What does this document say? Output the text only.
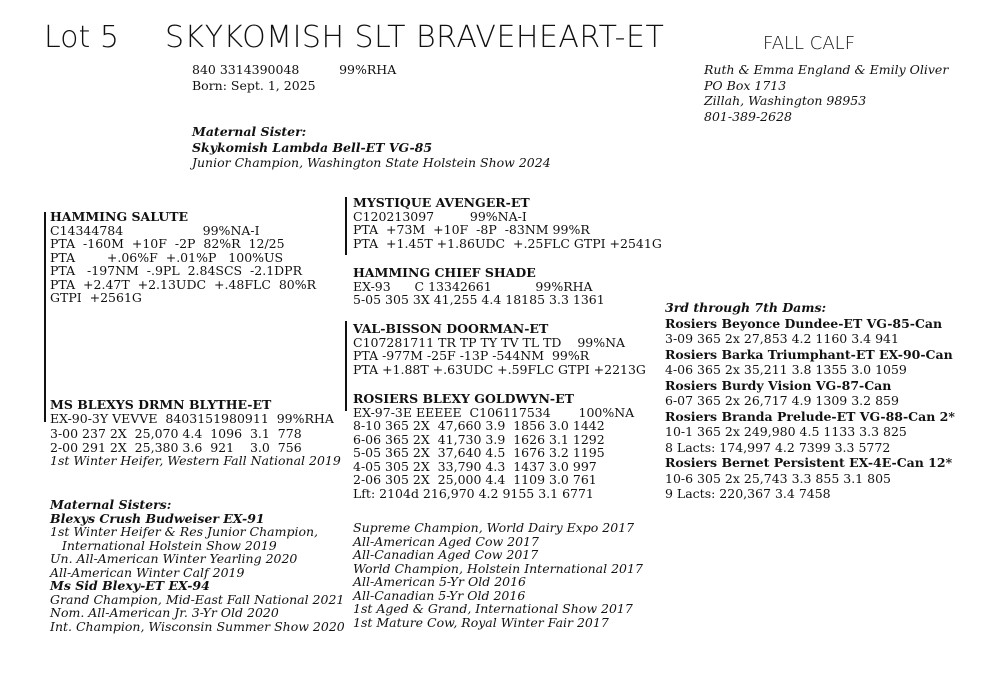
Lot 5 SKYKOMISH SLT BRAVEHEART-ET	FALL CALF
840 3314390048          99%RHA
Born: Sept. 1, 2025
Ruth & Emma England & Emily Oliver
PO Box 1713
Zillah, Washington 98953
801-389-2628
Maternal Sister:
Skykomish Lambda Bell-ET VG-85
Junior Champion, Washington State Holstein Show 2024
HAMMING SALUTE
C14344784                    99%NA-I
PTA  -160M  +10F  -2P  82%R  12/25
PTA        +.06%F  +.01%P   100%US
PTA   -197NM  -.9PL  2.84SCS  -2.1DPR
PTA  +2.47T  +2.13UDC  +.48FLC  80%R
GTPI  +2561G
MYSTIQUE AVENGER-ET
C120213097         99%NA-I
PTA  +73M  +10F  -8P  -83NM 99%R
PTA  +1.45T +1.86UDC  +.25FLC GTPI +2541G
HAMMING CHIEF SHADE
EX-93      C 13342661           99%RHA
5-05 305 3X 41,255 4.4 18185 3.3 1361
MS BLEXYS DRMN BLYTHE-ET
EX-90-3Y VEVVE  8403151980911  99%RHA
3-00 237 2X  25,070 4.4  1096  3.1  778
2-00 291 2X  25,380 3.6  921    3.0  756
1st Winter Heifer, Western Fall National 2019
VAL-BISSON DOORMAN-ET
C107281711 TR TP TY TV TL TD    99%NA
PTA -977M -25F -13P -544NM  99%R
PTA +1.88T +.63UDC +.59FLC GTPI +2213G
ROSIERS BLEXY GOLDWYN-ET
EX-97-3E EEEEE  C106117534       100%NA
8-10 365 2X  47,660 3.9  1856 3.0 1442
6-06 365 2X  41,730 3.9  1626 3.1 1292
5-05 365 2X  37,640 4.5  1676 3.2 1195
4-05 305 2X  33,790 4.3  1437 3.0 997
2-06 305 2X  25,000 4.4  1109 3.0 761
Lft: 2104d 216,970 4.2 9155 3.1 6771
Supreme Champion, World Dairy Expo 2017
All-American Aged Cow 2017
All-Canadian Aged Cow 2017
World Champion, Holstein International 2017
All-American 5-Yr Old 2016
All-Canadian 5-Yr Old 2016
1st Aged & Grand, International Show 2017
1st Mature Cow, Royal Winter Fair 2017
Maternal Sisters:
Blexys Crush Budweiser EX-91
1st Winter Heifer & Res Junior Champion,
International Holstein Show 2019
Un. All-American Winter Yearling 2020
All-American Winter Calf 2019
Ms Sid Blexy-ET EX-94
Grand Champion, Mid-East Fall National 2021
Nom. All-American Jr. 3-Yr Old 2020
Int. Champion, Wisconsin Summer Show 2020
3rd through 7th Dams:
Rosiers Beyonce Dundee-ET VG-85-Can
3-09 365 2x 27,853 4.2 1160 3.4 941
Rosiers Barka Triumphant-ET EX-90-Can
4-06 365 2x 35,211 3.8 1355 3.0 1059
Rosiers Burdy Vision VG-87-Can
6-07 365 2x 26,717 4.9 1309 3.2 859
Rosiers Branda Prelude-ET VG-88-Can 2*
10-1 365 2x 249,980 4.5 1133 3.3 825
8 Lacts: 174,997 4.2 7399 3.3 5772
Rosiers Bernet Persistent EX-4E-Can 12*
10-6 305 2x 25,743 3.3 855 3.1 805
9 Lacts: 220,367 3.4 7458
